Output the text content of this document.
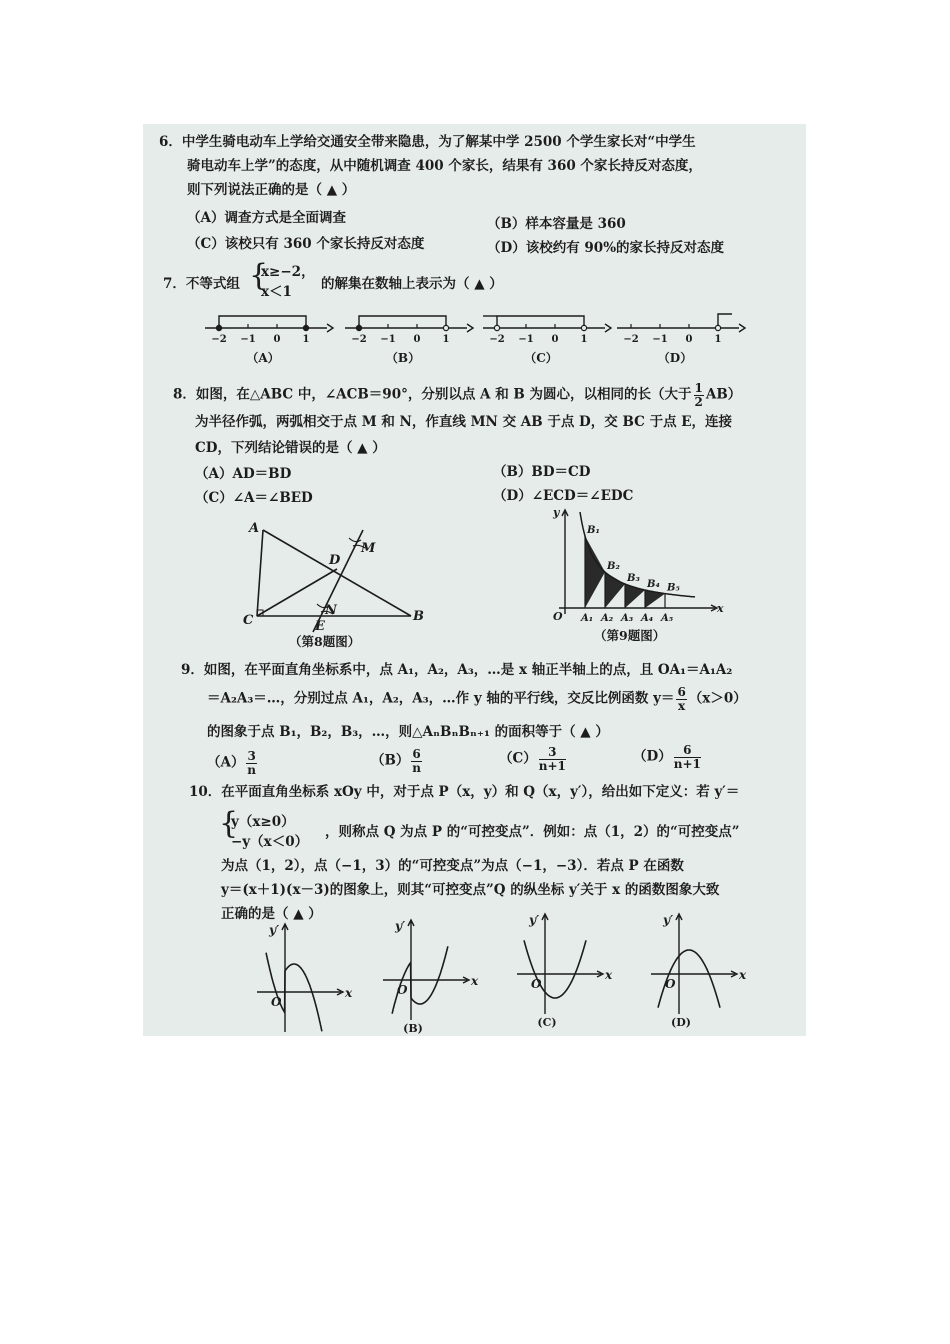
6．中学生骑电动车上学给交通安全带来隐患，为了解某中学 2500 个学生家长对“中学生
骑电动车上学”的态度，从中随机调查 400 个家长，结果有 360 个家长持反对态度，
则下列说法正确的是（ ▲ ）
（A）调查方式是全面调查	（B）样本容量是 360
（C）该校只有 360 个家长持反对态度	（D）该校约有 90%的家长持反对态度
7．不等式组 {
x≥−2，
x＜1 的解集在数轴上表示为（ ▲ ）
−2 −1 0 1
（A）
−2 −1 0 1
（B）
−2 −1 0 1
（C）
−2 −1 0 1
（D）
8．如图，在△ABC 中，∠ACB＝90°，分别以点 A 和 B 为圆心，以相同的长（大于 $\frac{1}{2} AB$）
为半径作弧，两弧相交于点 M 和 N，作直线 MN 交 AB 于点 D，交 BC 于点 E，连接
CD，下列结论错误的是（ ▲ ）
（A）AD＝BD	（B）BD＝CD
（C）∠A＝∠BED	（D）∠ECD＝∠EDC
A
B
C
D
E
M
N
（第8题图）
O
x
y
A₁
B₁
A₂
B₂
A₃
B₃
A₄
B₄
A₅
B₅
（第9题图）
9．如图，在平面直角坐标系中，点 A₁，A₂，A₃，…是 x 轴正半轴上的点，且 OA₁＝A₁A₂
＝A₂A₃＝…，分别过点 A₁，A₂，A₃，…作 y 轴的平行线，交反比例函数 $y= \frac{6}{x} (x>0)$
的图象于点 B₁，B₂，B₃，…，则△AₙBₙBₙ₊₁ 的面积等于（ ▲ ）
$(A) \frac{3}{n}$	$(B) \frac{6}{n}$	$(C) \frac{3}{n+1}$	$(D) \frac{6}{n+1}$
10．在平面直角坐标系 xOy 中，对于点 P（x，y）和 Q（x，y′），给出如下定义：若 y′＝
{
y（x≥0）
−y（x＜0）
，则称点 Q 为点 P 的“可控变点”．例如：点（1，2）的“可控变点”
为点（1，2），点（−1，3）的“可控变点”为点（−1，−3）．若点 P 在函数
y＝(x＋1)(x－3)的图象上，则其“可控变点”Q 的纵坐标 y′关于 x 的函数图象大致
正确的是（ ▲ ）
O
x
y′
O
x
y′
(B)
O
x
y′
(C)
O
x
y′
(D)
